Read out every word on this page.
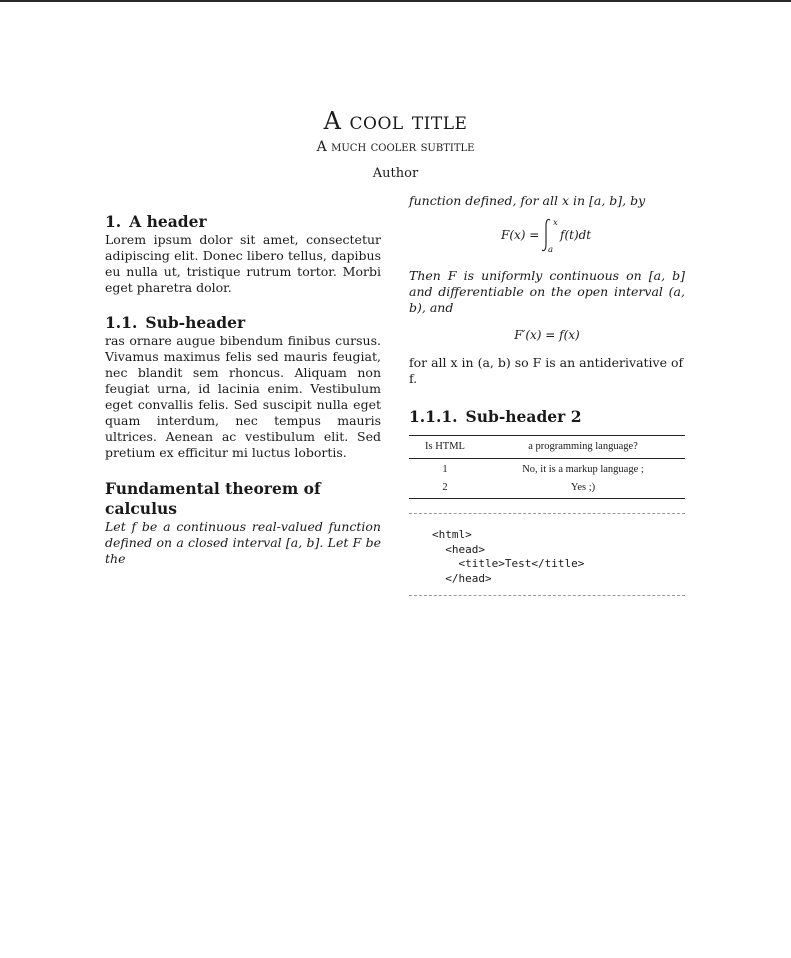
A cool title
A much cooler subtitle
Author
1. A header

Lorem ipsum dolor sit amet, consectetur adipiscing elit. Donec libero tellus, dapibus eu nulla ut, tristique rutrum tortor. Morbi eget pharetra dolor.

1.1. Sub-header

ras ornare augue bibendum finibus cursus. Vivamus maximus felis sed mauris feugiat, nec blandit sem rhoncus. Aliquam non feugiat urna, id lacinia enim. Vestibulum eget convallis felis. Sed suscipit nulla eget quam interdum, nec tempus mauris ultrices. Aenean ac vestibulum elit. Sed pretium ex efficitur mi luctus lobortis.

Fundamental theorem of calculus

Let f be a continuous real-valued function defined on a closed interval [a, b]. Let F be the

function defined, for all x in [a, b], by

F(x) =
x
a
f(t)dt

Then F is uniformly continuous on [a, b] and differentiable on the open interval (a, b), and

F′(x) = f(x)

for all x in (a, b) so F is an antiderivative of f.

1.1.1. Sub-header 2
Is HTML	a programming language?
1	No, it is a markup language ;
2	Yes ;)
<html>
<head>
<title>Test</title>
</head>
